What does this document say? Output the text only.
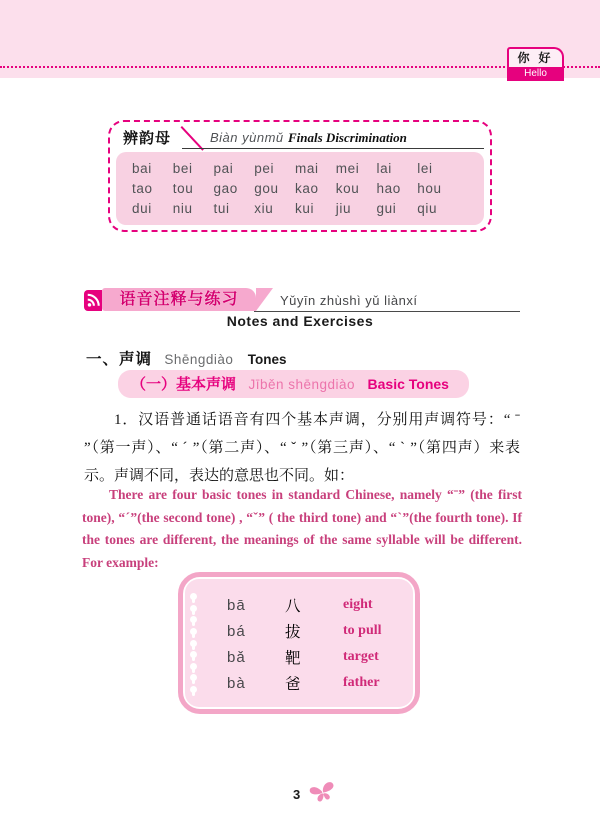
你 好
Hello
辨韵母	Biàn yùnmǔ Finals Discrimination
bai	bei	pai	pei	mai	mei	lai	lei
tao	tou	gao	gou	kao	kou	hao	hou
dui	niu	tui	xiu	kui	jiu	gui	qiu
语音注释与练习	Yǔyīn zhùshì yǔ liànxí
Notes and Exercises
一、声调 Shēngdiào Tones
（一）基本声调 Jīběn shēngdiào Basic Tones

1．汉语普通话语音有四个基本声调，分别用声调符号：“ ˉ ”（第一声）、“ ˊ ”（第二声）、“ ˇ ”（第三声）、“ ˋ ”（第四声）来表示。声调不同，表达的意思也不同。如：

There are four basic tones in standard Chinese, namely “ˉ” (the first tone), “ˊ”(the second tone) , “ˇ” ( the third tone) and “ˋ”(the fourth tone). If the tones are different, the meanings of the same syllable will be different. For example:

bā	八	eight
bá	拔	to pull
bǎ	靶	target
bà	爸	father
3
